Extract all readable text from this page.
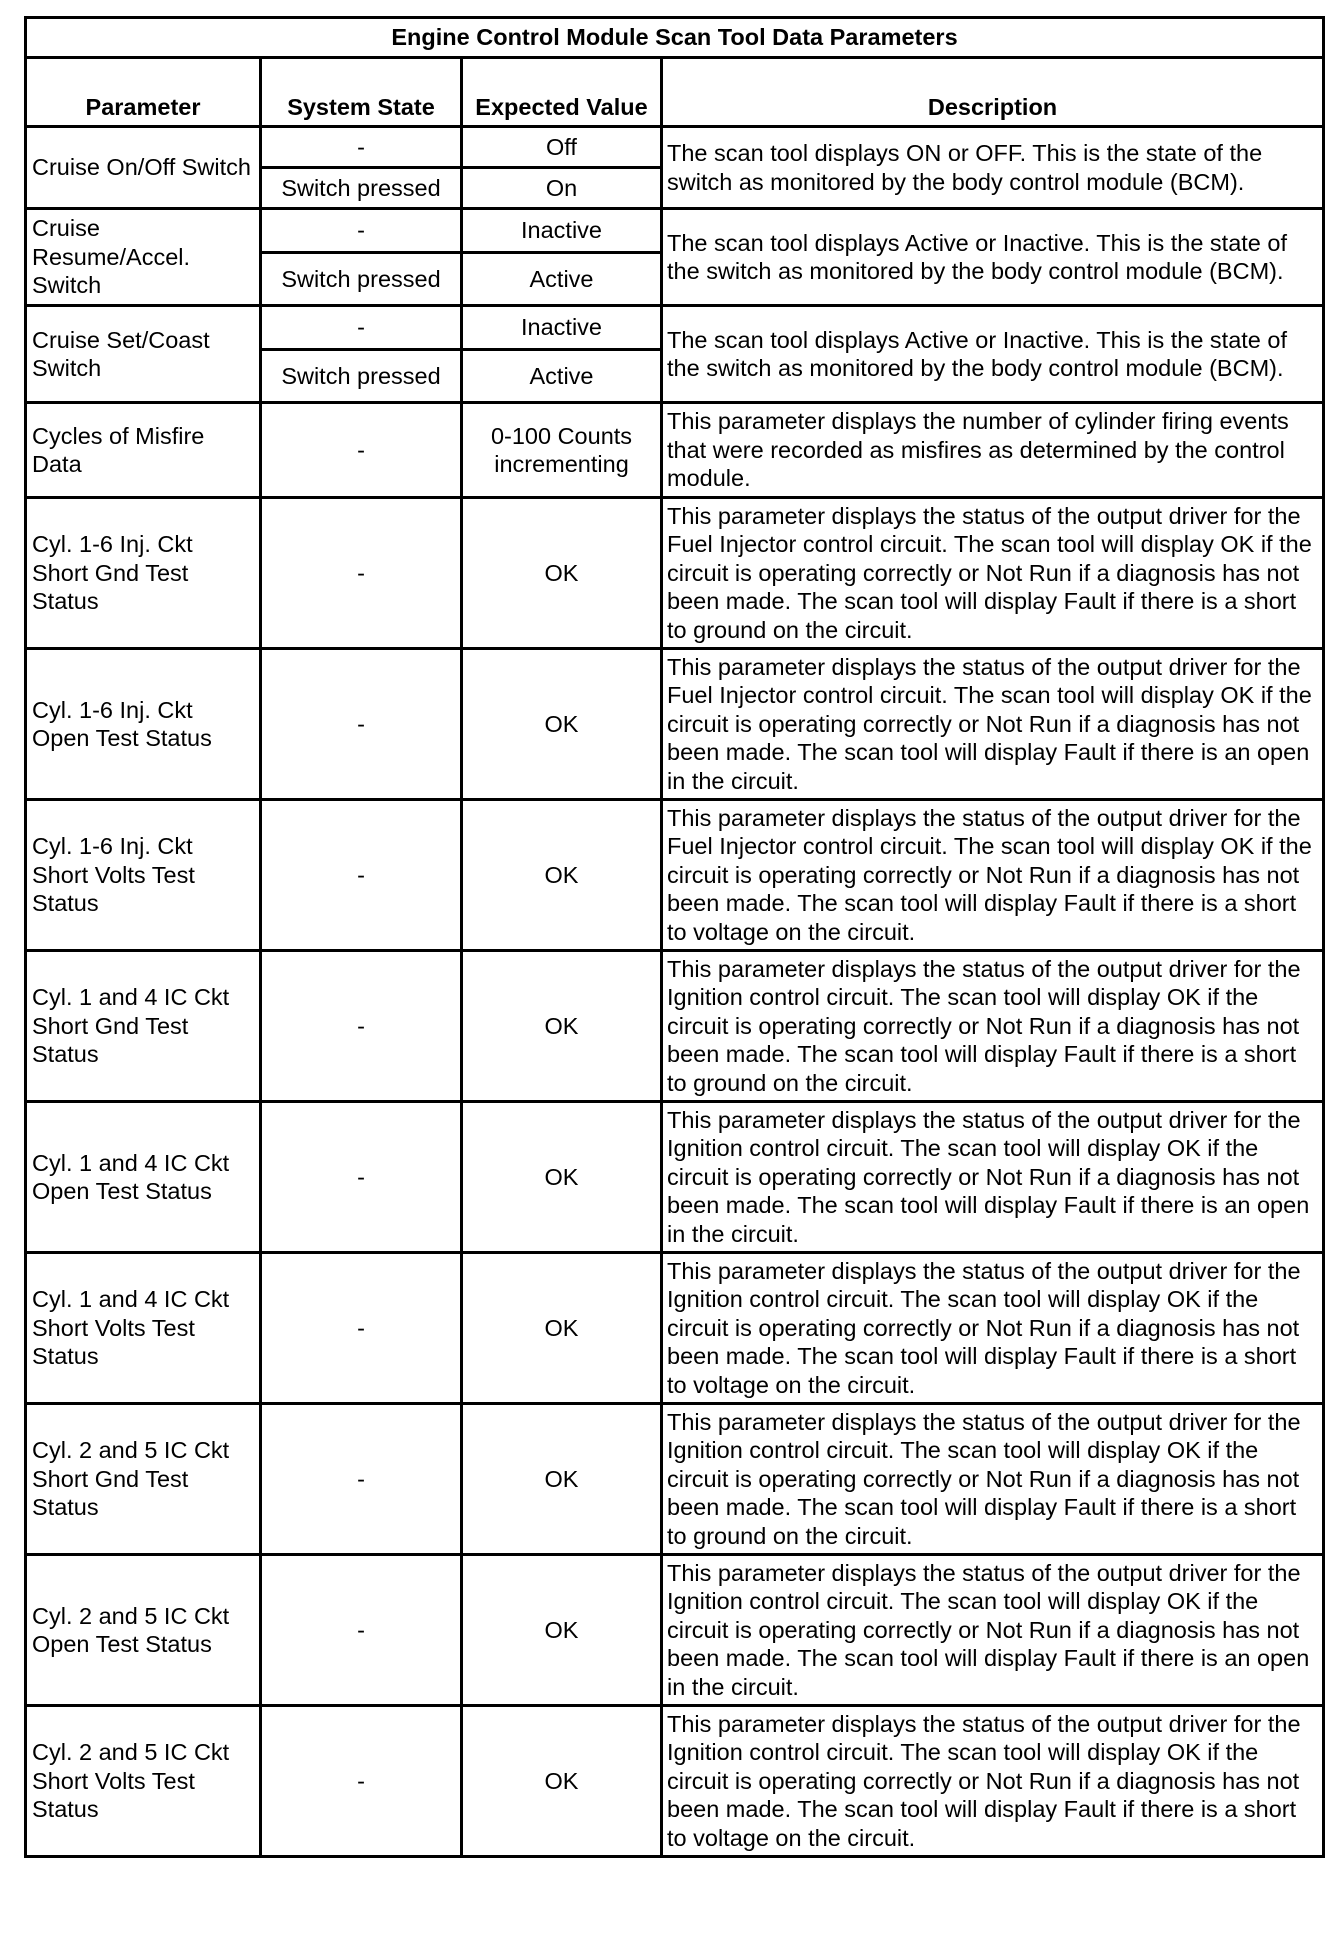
Engine Control Module Scan Tool Data Parameters			
Parameter	System State	Expected Value	Description
Cruise On/Off Switch	-	Off	The scan tool displays ON or OFF. This is the state of the switch as monitored by the body control module (BCM).
	Switch pressed	On	
Cruise Resume/Accel. Switch	-	Inactive	The scan tool displays Active or Inactive. This is the state of the switch as monitored by the body control module (BCM).
	Switch pressed	Active	
Cruise Set/Coast Switch	-	Inactive	The scan tool displays Active or Inactive. This is the state of the switch as monitored by the body control module (BCM).
	Switch pressed	Active	
Cycles of Misfire Data	-	0-100 Counts incrementing	This parameter displays the number of cylinder firing events that were recorded as misfires as determined by the control module.
Cyl. 1-6 Inj. Ckt Short Gnd Test Status	-	OK	This parameter displays the status of the output driver for the Fuel Injector control circuit. The scan tool will display OK if the circuit is operating correctly or Not Run if a diagnosis has not been made. The scan tool will display Fault if there is a short to ground on the circuit.
Cyl. 1-6 Inj. Ckt Open Test Status	-	OK	This parameter displays the status of the output driver for the Fuel Injector control circuit. The scan tool will display OK if the circuit is operating correctly or Not Run if a diagnosis has not been made. The scan tool will display Fault if there is an open in the circuit.
Cyl. 1-6 Inj. Ckt Short Volts Test Status	-	OK	This parameter displays the status of the output driver for the Fuel Injector control circuit. The scan tool will display OK if the circuit is operating correctly or Not Run if a diagnosis has not been made. The scan tool will display Fault if there is a short to voltage on the circuit.
Cyl. 1 and 4 IC Ckt Short Gnd Test Status	-	OK	This parameter displays the status of the output driver for the Ignition control circuit. The scan tool will display OK if the circuit is operating correctly or Not Run if a diagnosis has not been made. The scan tool will display Fault if there is a short to ground on the circuit.
Cyl. 1 and 4 IC Ckt Open Test Status	-	OK	This parameter displays the status of the output driver for the Ignition control circuit. The scan tool will display OK if the circuit is operating correctly or Not Run if a diagnosis has not been made. The scan tool will display Fault if there is an open in the circuit.
Cyl. 1 and 4 IC Ckt Short Volts Test Status	-	OK	This parameter displays the status of the output driver for the Ignition control circuit. The scan tool will display OK if the circuit is operating correctly or Not Run if a diagnosis has not been made. The scan tool will display Fault if there is a short to voltage on the circuit.
Cyl. 2 and 5 IC Ckt Short Gnd Test Status	-	OK	This parameter displays the status of the output driver for the Ignition control circuit. The scan tool will display OK if the circuit is operating correctly or Not Run if a diagnosis has not been made. The scan tool will display Fault if there is a short to ground on the circuit.
Cyl. 2 and 5 IC Ckt Open Test Status	-	OK	This parameter displays the status of the output driver for the Ignition control circuit. The scan tool will display OK if the circuit is operating correctly or Not Run if a diagnosis has not been made. The scan tool will display Fault if there is an open in the circuit.
Cyl. 2 and 5 IC Ckt Short Volts Test Status	-	OK	This parameter displays the status of the output driver for the Ignition control circuit. The scan tool will display OK if the circuit is operating correctly or Not Run if a diagnosis has not been made. The scan tool will display Fault if there is a short to voltage on the circuit.
